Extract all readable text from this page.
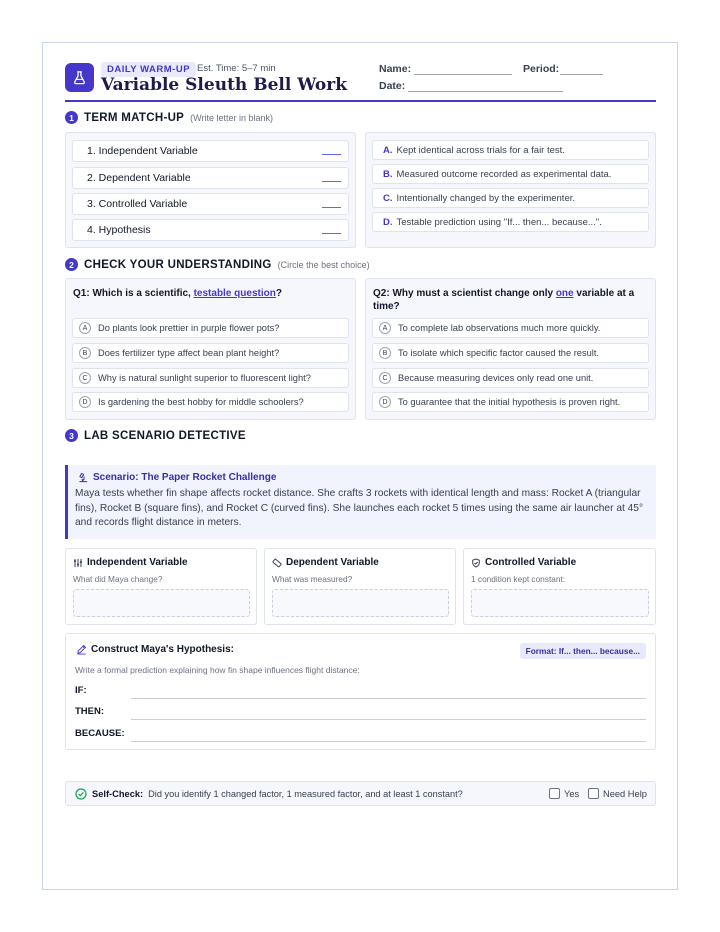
DAILY WARM-UP Est. Time: 5–7 min
Variable Sleuth Bell Work
Name:	Period:
Date:
1 TERM MATCH-UP (Write letter in blank)
1. Independent Variable
2. Dependent Variable
3. Controlled Variable
4. Hypothesis
A. Kept identical across trials for a fair test.
B. Measured outcome recorded as experimental data.
C. Intentionally changed by the experimenter.
D. Testable prediction using "If... then... because...".
2 CHECK YOUR UNDERSTANDING (Circle the best choice)
Q1: Which is a scientific, testable question?
A	Do plants look prettier in purple flower pots?
B	Does fertilizer type affect bean plant height?
C	Why is natural sunlight superior to fluorescent light?
D	Is gardening the best hobby for middle schoolers?
Q2: Why must a scientist change only one variable at a time?
A	To complete lab observations much more quickly.
B	To isolate which specific factor caused the result.
C	Because measuring devices only read one unit.
D	To guarantee that the initial hypothesis is proven right.
3 LAB SCENARIO DETECTIVE
Scenario: The Paper Rocket Challenge
Maya tests whether fin shape affects rocket distance. She crafts 3 rockets with identical length and mass: Rocket A (triangular fins), Rocket B (square fins), and Rocket C (curved fins). She launches each rocket 5 times using the same air launcher at 45° and records flight distance in meters.
Independent Variable
What did Maya change?
Dependent Variable
What was measured?
Controlled Variable
1 condition kept constant:
Construct Maya's Hypothesis:	Format: If... then... because...
Write a formal prediction explaining how fin shape influences flight distance:
IF:
THEN:
BECAUSE:
Self-Check: Did you identify 1 changed factor, 1 measured factor, and at least 1 constant?	Yes	Need Help
